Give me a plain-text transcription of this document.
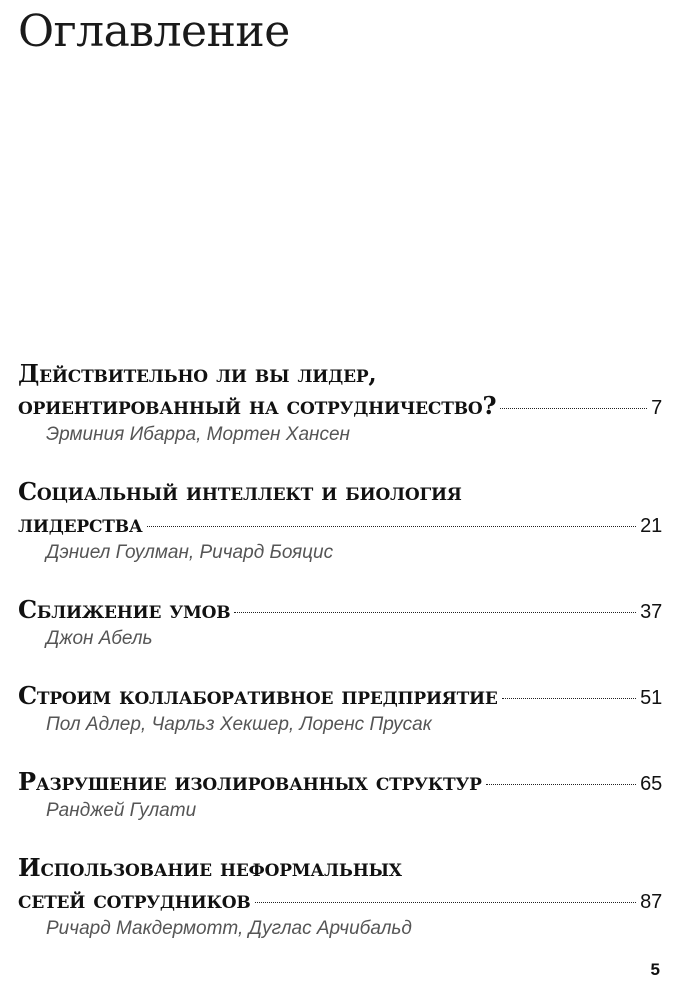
Оглавление
Действительно ли вы лидер,
ориентированный на сотрудничество?	7
Эрминия Ибарра, Мортен Хансен
Социальный интеллект и биология
лидерства	21
Дэниел Гоулман, Ричард Бояцис
Сближение умов	37
Джон Абель
Строим коллаборативное предприятие	51
Пол Адлер, Чарльз Хекшер, Лоренс Прусак
Разрушение изолированных структур	65
Ранджей Гулати
Использование неформальных
сетей сотрудников	87
Ричард Макдермотт, Дуглас Арчибальд
5
